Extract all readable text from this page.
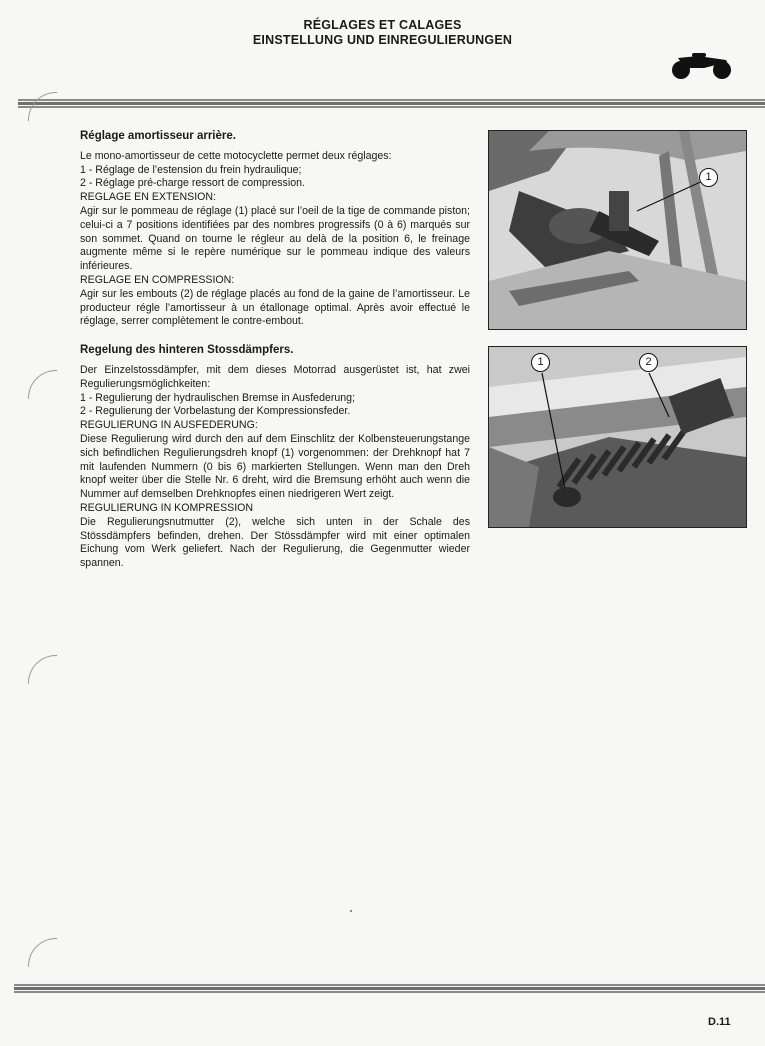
RÉGLAGES ET CALAGES
EINSTELLUNG UND EINREGULIERUNGEN

Réglage amortisseur arrière.

Le mono-amortisseur de cette motocyclette permet deux réglages:

1 - Réglage de l’estension du frein hydraulique;

2 - Réglage pré-charge ressort de compression.

REGLAGE EN EXTENSION:

Agir sur le pommeau de réglage (1) placé sur l’oeil de la tige de commande piston; celui-ci a 7 positions identifiées par des nombres progressifs (0 à 6) marqués sur son sommet. Quand on tourne le régleur au delà de la position 6, le freinage augmente même si le repère numérique sur le pommeau indique des valeurs inférieures.

REGLAGE EN COMPRESSION:

Agir sur les embouts (2) de réglage placés au fond de la gaine de l’amortisseur. Le producteur régle l’amortisseur à un étallonage optimal. Après avoir effectué le réglage, serrer complètement le contre-embout.

Regelung des hinteren Stossdämpfers.

Der Einzelstossdämpfer, mit dem dieses Motorrad ausgerüstet ist, hat zwei Regulierungsmöglichkeiten:

1 - Regulierung der hydraulischen Bremse in Ausfederung;

2 - Regulierung der Vorbelastung der Kompressionsfeder.

REGULIERUNG IN AUSFEDERUNG:

Diese Regulierung wird durch den auf dem Einschlitz der Kolbensteuerungstange sich befindlichen Regulierungsdreh knopf (1) vorgenommen: der Drehknopf hat 7 mit laufenden Nummern (0 bis 6) markierten Stellungen. Wenn man den Dreh knopf weiter über die Stelle Nr. 6 dreht, wird die Bremsung erhöht auch wenn die Nummer auf demselben Drehknopfes einen niedrigeren Wert zeigt.

REGULIERUNG IN KOMPRESSION

Die Regulierungsnutmutter (2), welche sich unten in der Schale des Stössdämpfers befinden, drehen. Der Stössdämpfer wird mit einer optimalen Eichung vom Werk geliefert. Nach der Regulierung, die Gegenmutter wieder spannen.

1
1	2
D.11
